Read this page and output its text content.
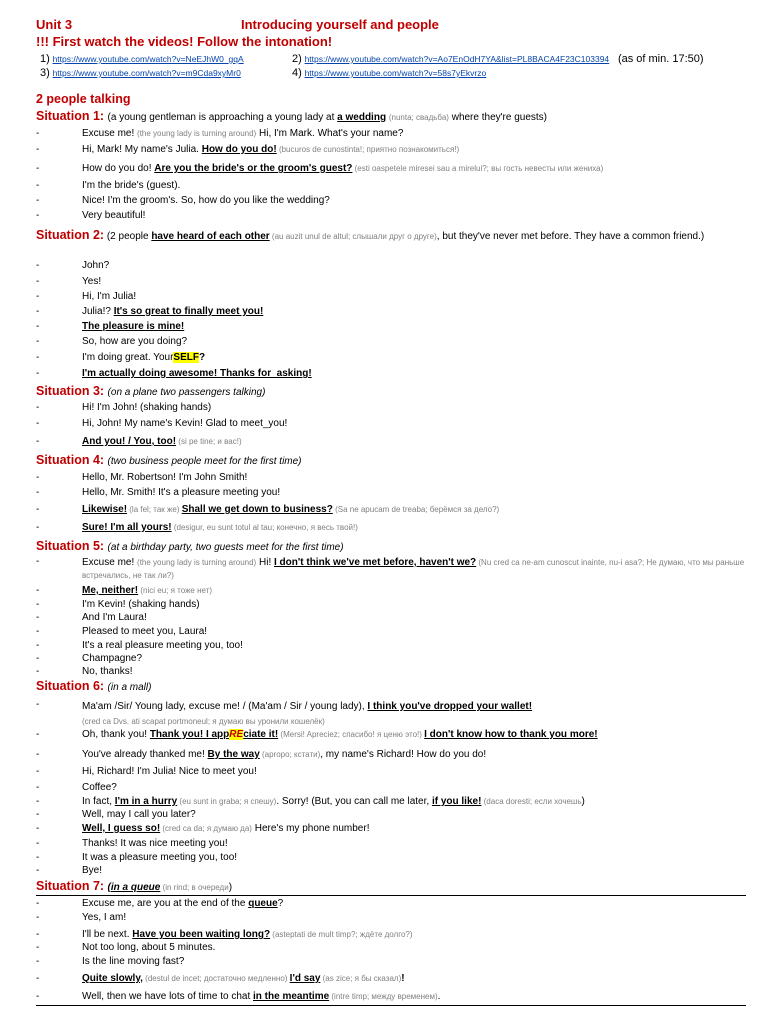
Unit 3	Introducing yourself and people
!!! First watch the videos! Follow the intonation!
1) https://www.youtube.com/watch?v=NeEJhW0_gqA	2) https://www.youtube.com/watch?v=Ao7EnOdH7YA&list=PL8BACA4F23C103394 (as of min. 17:50)
3) https://www.youtube.com/watch?v=m9Cda9xyMr0	4) https://www.youtube.com/watch?v=58s7yEkvrzo
2 people talking
Situation 1: (a young gentleman is approaching a young lady at a wedding (nunta; свадьба) where they're guests)
-	Excuse me! (the young lady is turning around) Hi, I'm Mark. What's your name?
-	Hi, Mark! My name's Julia. How do you do! (bucuros de cunostinta!; приятно познакомиться!)
-	How do you do! Are you the bride's or the groom's guest? (esti oaspetele miresei sau a mirelui?; вы гость невесты или жениха)
-	I'm the bride's (guest).
-	Nice! I'm the groom's. So, how do you like the wedding?
-	Very beautiful!
Situation 2: (2 people have heard of each other (au auzit unul de altul; слышали друг о друге), but they've never met before. They have a common friend.)
-	John?
-	Yes!
-	Hi, I'm Julia!
-	Julia!? It's so great to finally meet you!
-	The pleasure is mine!
-	So, how are you doing?
-	I'm doing great. YourSELF?
-	I'm actually doing awesome! Thanks for_asking!
Situation 3: (on a plane two passengers talking)
-	Hi! I'm John! (shaking hands)
-	Hi, John! My name's Kevin! Glad to meet_you!
-	And you! / You, too! (si pe tine; и вас!)
Situation 4: (two business people meet for the first time)
-	Hello, Mr. Robertson! I'm John Smith!
-	Hello, Mr. Smith! It's a pleasure meeting you!
-	Likewise! (la fel; так же) Shall we get down to business? (Sa ne apucam de treaba; берёмся за дело?)
-	Sure! I'm all yours! (desigur, eu sunt totul al tau; конечно, я весь твой!)
Situation 5: (at a birthday party, two guests meet for the first time)
-	Excuse me! (the young lady is turning around) Hi! I don't think we've met before, haven't we? (Nu cred ca ne-am cunoscut inainte, nu-i asa?; Не думаю, что мы раньше встречались, не так ли?)
-	Me, neither! (nici eu; я тоже нет)
-	I'm Kevin! (shaking hands)
-	And I'm Laura!
-	Pleased to meet you, Laura!
-	It's a real pleasure meeting you, too!
-	Champagne?
-	No, thanks!
Situation 6: (in a mall)
-	Ma'am /Sir/ Young lady, excuse me! / (Ma'am / Sir / young lady), I think you've dropped your wallet!
(cred ca Dvs. ati scapat portmoneul; я думаю вы уронили кошелёк)
-	Oh, thank you! Thank you! I appREciate it! (Mersi! Apreciez; спасибо! я ценю это!) I don't know how to thank you more!
-	You've already thanked me! By the way (apropo; кстати), my name's Richard! How do you do!
-	Hi, Richard! I'm Julia! Nice to meet you!
-	Coffee?
-	In fact, I'm in a hurry (eu sunt in graba; я спешу). Sorry! (But, you can call me later, if you like! (daca doresti; если хочешь)
-	Well, may I call you later?
-	Well, I guess so! (cred ca da; я думаю да) Here's my phone number!
-	Thanks! It was nice meeting you!
-	It was a pleasure meeting you, too!
-	Bye!
Situation 7: (in a queue (in rind; в очереди)
-	Excuse me, are you at the end of the queue?
-	Yes, I am!
-	I'll be next. Have you been waiting long? (asteptati de mult timp?; ждёте долго?)
-	Not too long, about 5 minutes.
-	Is the line moving fast?
-	Quite slowly, (destul de incet; достаточно медленно) I'd say (as zice; я бы сказал)!
-	Well, then we have lots of time to chat in the meantime (intre timp; между временем).
